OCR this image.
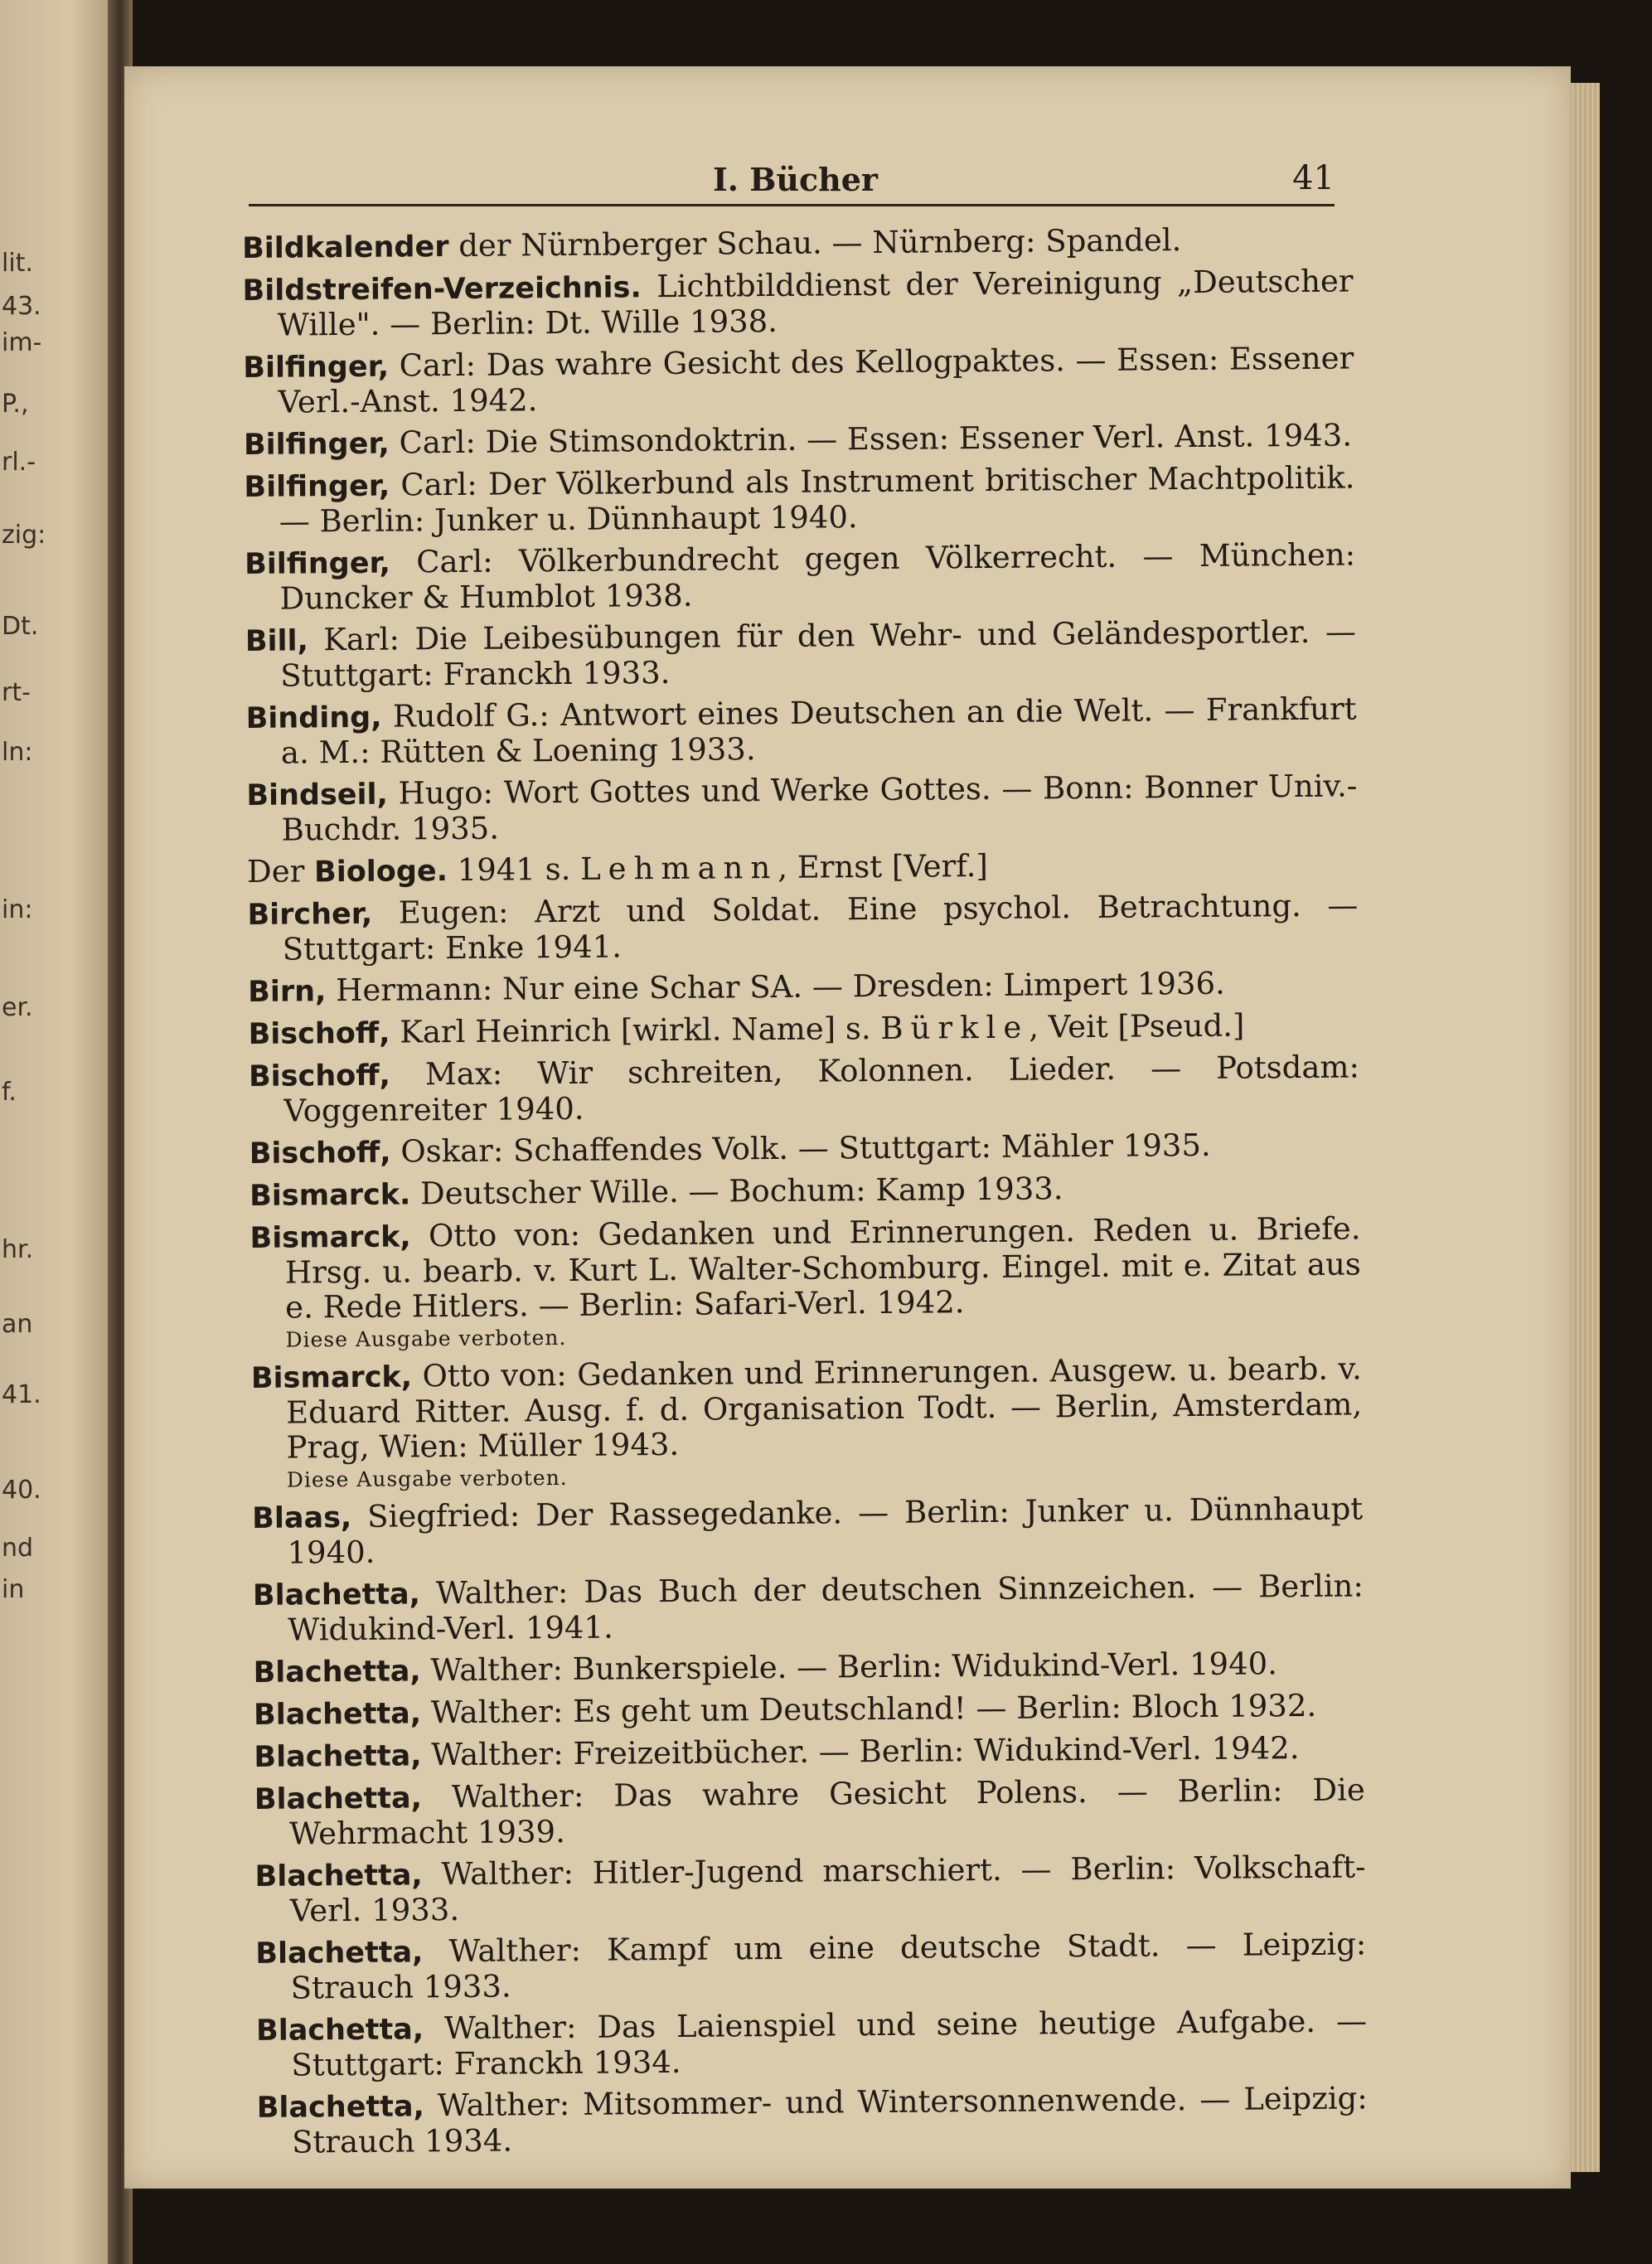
lit.
43.
im-
P.,
rl.-
zig:
Dt.
rt-
ln:
in:
er.
f.
hr.
an
41.
40.
nd
in
I. Bücher	41
Bildkalender der Nürnberger Schau. — Nürnberg: Spandel.
Bildstreifen-Verzeichnis. Lichtbilddienst der Vereinigung „Deutscher Wille". — Berlin: Dt. Wille 1938.
Bilfinger, Carl: Das wahre Gesicht des Kellogpaktes. — Essen: Essener Verl.-Anst. 1942.
Bilfinger, Carl: Die Stimsondoktrin. — Essen: Essener Verl. Anst. 1943.
Bilfinger, Carl: Der Völkerbund als Instrument britischer Machtpolitik. — Berlin: Junker u. Dünnhaupt 1940.
Bilfinger, Carl: Völkerbundrecht gegen Völkerrecht. — München: Duncker & Humblot 1938.
Bill, Karl: Die Leibesübungen für den Wehr- und Geländesportler. — Stuttgart: Franckh 1933.
Binding, Rudolf G.: Antwort eines Deutschen an die Welt. — Frankfurt a. M.: Rütten & Loening 1933.
Bindseil, Hugo: Wort Gottes und Werke Gottes. — Bonn: Bonner Univ.-Buchdr. 1935.
Der Biologe. 1941 s. Lehmann, Ernst [Verf.]
Bircher, Eugen: Arzt und Soldat. Eine psychol. Betrachtung. — Stuttgart: Enke 1941.
Birn, Hermann: Nur eine Schar SA. — Dresden: Limpert 1936.
Bischoff, Karl Heinrich [wirkl. Name] s. Bürkle, Veit [Pseud.]
Bischoff, Max: Wir schreiten, Kolonnen. Lieder. — Potsdam: Voggenreiter 1940.
Bischoff, Oskar: Schaffendes Volk. — Stuttgart: Mähler 1935.
Bismarck. Deutscher Wille. — Bochum: Kamp 1933.
Bismarck, Otto von: Gedanken und Erinnerungen. Reden u. Briefe. Hrsg. u. bearb. v. Kurt L. Walter-Schomburg. Eingel. mit e. Zitat aus e. Rede Hitlers. — Berlin: Safari-Verl. 1942.
Diese Ausgabe verboten.
Bismarck, Otto von: Gedanken und Erinnerungen. Ausgew. u. bearb. v. Eduard Ritter. Ausg. f. d. Organisation Todt. — Berlin, Amsterdam, Prag, Wien: Müller 1943.
Diese Ausgabe verboten.
Blaas, Siegfried: Der Rassegedanke. — Berlin: Junker u. Dünnhaupt 1940.
Blachetta, Walther: Das Buch der deutschen Sinnzeichen. — Berlin: Widukind-Verl. 1941.
Blachetta, Walther: Bunkerspiele. — Berlin: Widukind-Verl. 1940.
Blachetta, Walther: Es geht um Deutschland! — Berlin: Bloch 1932.
Blachetta, Walther: Freizeitbücher. — Berlin: Widukind-Verl. 1942.
Blachetta, Walther: Das wahre Gesicht Polens. — Berlin: Die Wehrmacht 1939.
Blachetta, Walther: Hitler-Jugend marschiert. — Berlin: Volkschaft-Verl. 1933.
Blachetta, Walther: Kampf um eine deutsche Stadt. — Leipzig: Strauch 1933.
Blachetta, Walther: Das Laienspiel und seine heutige Aufgabe. — Stuttgart: Franckh 1934.
Blachetta, Walther: Mitsommer- und Wintersonnenwende. — Leipzig: Strauch 1934.
